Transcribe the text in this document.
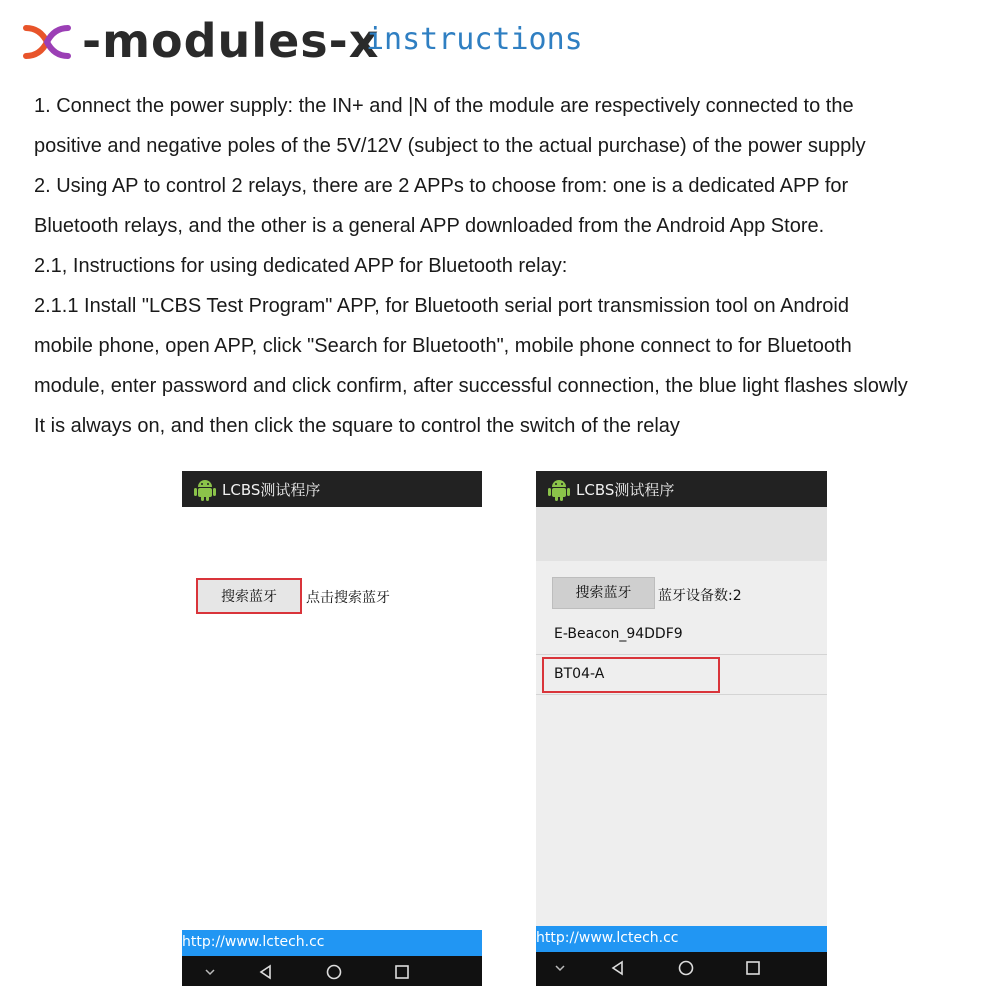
-modules-x
instructions
1. Connect the power supply: the IN+ and |N of the module are respectively connected to the
positive and negative poles of the 5V/12V (subject to the actual purchase) of the power supply
2. Using AP to control 2 relays, there are 2 APPs to choose from: one is a dedicated APP for
Bluetooth relays, and the other is a general APP downloaded from the Android App Store.
2.1, Instructions for using dedicated APP for Bluetooth relay:
2.1.1 Install "LCBS Test Program" APP, for Bluetooth serial port transmission tool on Android
mobile phone, open APP, click "Search for Bluetooth", mobile phone connect to for Bluetooth
module, enter password and click confirm, after successful connection, the blue light flashes slowly
It is always on, and then click the square to control the switch of the relay
LCBS测试程序
搜索蓝牙	点击搜索蓝牙
http://www.lctech.cc
LCBS测试程序
搜索蓝牙	蓝牙设备数:2
E-Beacon_94DDF9
BT04-A
http://www.lctech.cc
